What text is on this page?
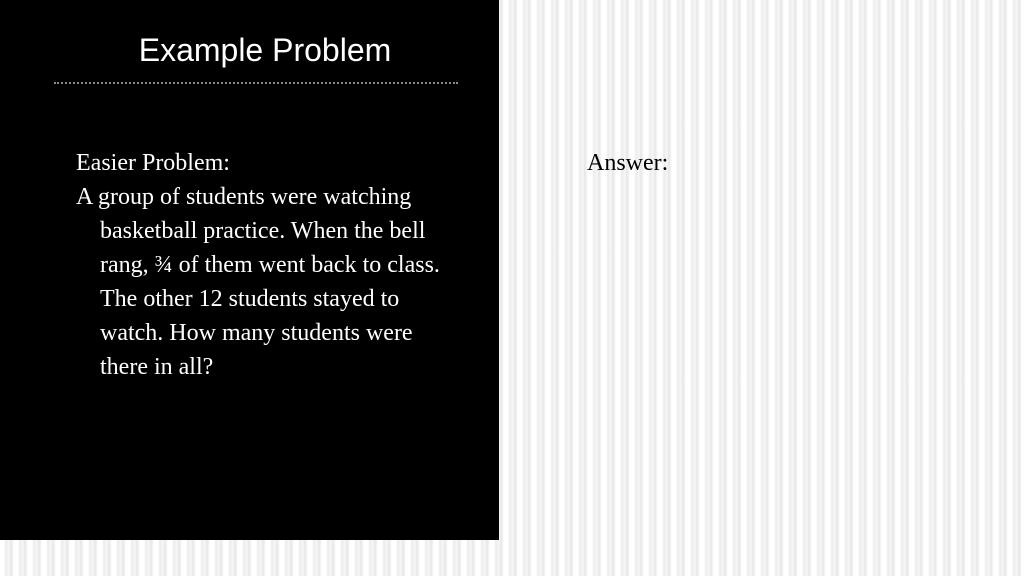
Example Problem
Easier Problem:
A group of students were watching basketball practice. When the bell rang, ¾ of them went back to class. The other 12 students stayed to watch. How many students were there in all?
Answer:
